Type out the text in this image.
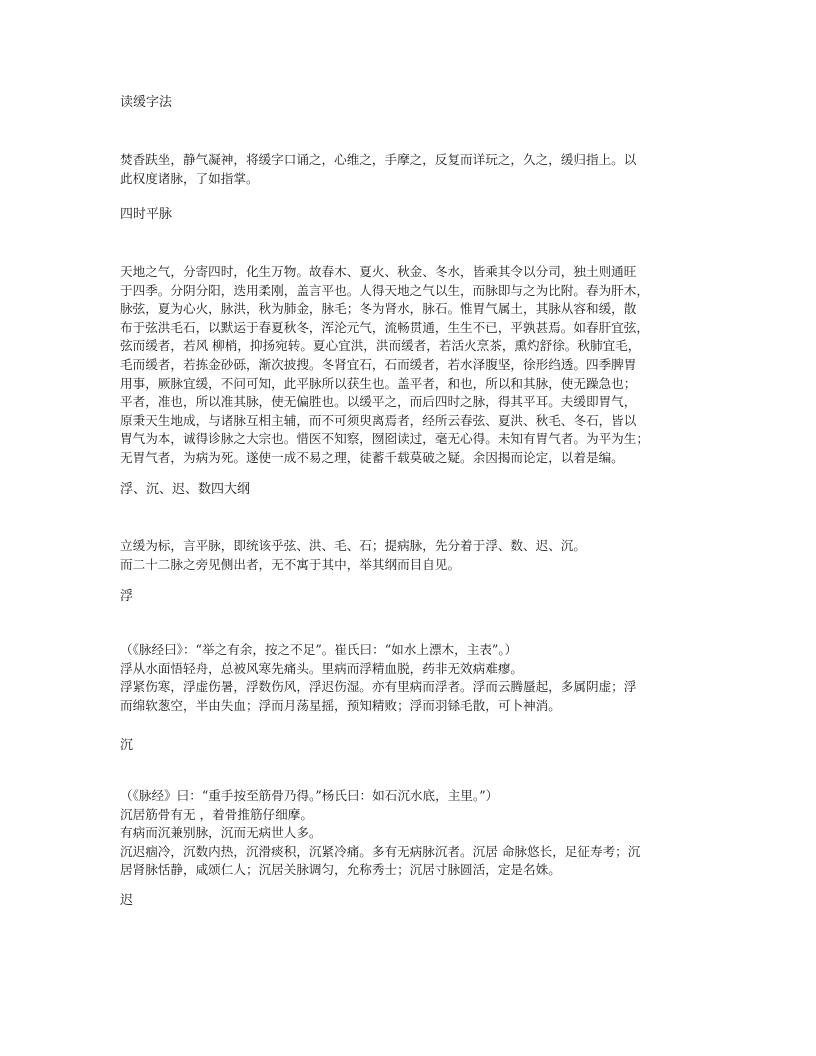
读缓字法
焚香趺坐，静气凝神，将缓字口诵之，心维之，手摩之，反复而详玩之，久之，缓归指上。以
此权度诸脉，了如指掌。
四时平脉
天地之气，分寄四时，化生万物。故春木、夏火、秋金、冬水，皆乘其令以分司，独土则通旺
于四季。分阴分阳，迭用柔刚，盖言平也。人得天地之气以生，而脉即与之为比附。春为肝木，
脉弦，夏为心火，脉洪，秋为肺金，脉毛；冬为肾水，脉石。惟胃气属土，其脉从容和缓，散
布于弦洪毛石，以默运于春夏秋冬，浑沦元气，流畅贯通，生生不已，平孰甚焉。如春肝宜弦，
弦而缓者，若风 柳梢，抑扬宛转。夏心宜洪，洪而缓者，若活火烹茶，熏灼舒徐。秋肺宜毛，
毛而缓者，若拣金砂砾，渐次披搜。冬肾宜石，石而缓者，若水泽腹坚，徐形绉透。四季脾胃
用事，厥脉宜缓，不问可知，此平脉所以获生也。盖平者，和也，所以和其脉，使无躁急也；
平者，准也，所以准其脉，使无偏胜也。以缓平之，而后四时之脉，得其平耳。夫缓即胃气，
原秉天生地成，与诸脉互相主辅，而不可须臾离焉者，经所云春弦、夏洪、秋毛、冬石，皆以
胃气为本，诚得诊脉之大宗也。惜医不知察，囫囵读过，毫无心得。未知有胃气者。为平为生；
无胃气者，为病为死。遂使一成不易之理，徒蓄千载莫破之疑。余因揭而论定，以着是编。
浮、沉、迟、数四大纲
立缓为标，言平脉，即统该乎弦、洪、毛、石；提病脉，先分着于浮、数、迟、沉。
而二十二脉之旁见侧出者，无不寓于其中，举其纲而目自见。
浮
（《脉经曰》：“举之有余，按之不足”。崔氏曰：“如水上漂木，主表”。）
浮从水面悟轻舟，总被风寒先痛头。里病而浮精血脱，药非无效病难瘳。
浮紧伤寒，浮虚伤暑，浮数伤风，浮迟伤湿。亦有里病而浮者。浮而云腾蜃起，多属阴虚；浮
而绵软葱空，半由失血；浮而月荡星摇，预知精败；浮而羽铩毛散，可卜神消。
沉
（《脉经》曰：“重手按至筋骨乃得。”杨氏曰：如石沉水底，主里。”）
沉居筋骨有无 ，着骨推筋仔细摩。
有病而沉兼别脉，沉而无病世人多。
沉迟痼冷，沉数内热，沉滑痰积，沉紧冷痛。多有无病脉沉者。沉居 命脉悠长，足征寿考；沉
居肾脉恬静，咸颂仁人；沉居关脉调匀，允称秀士；沉居寸脉圆活，定是名姝。
迟
